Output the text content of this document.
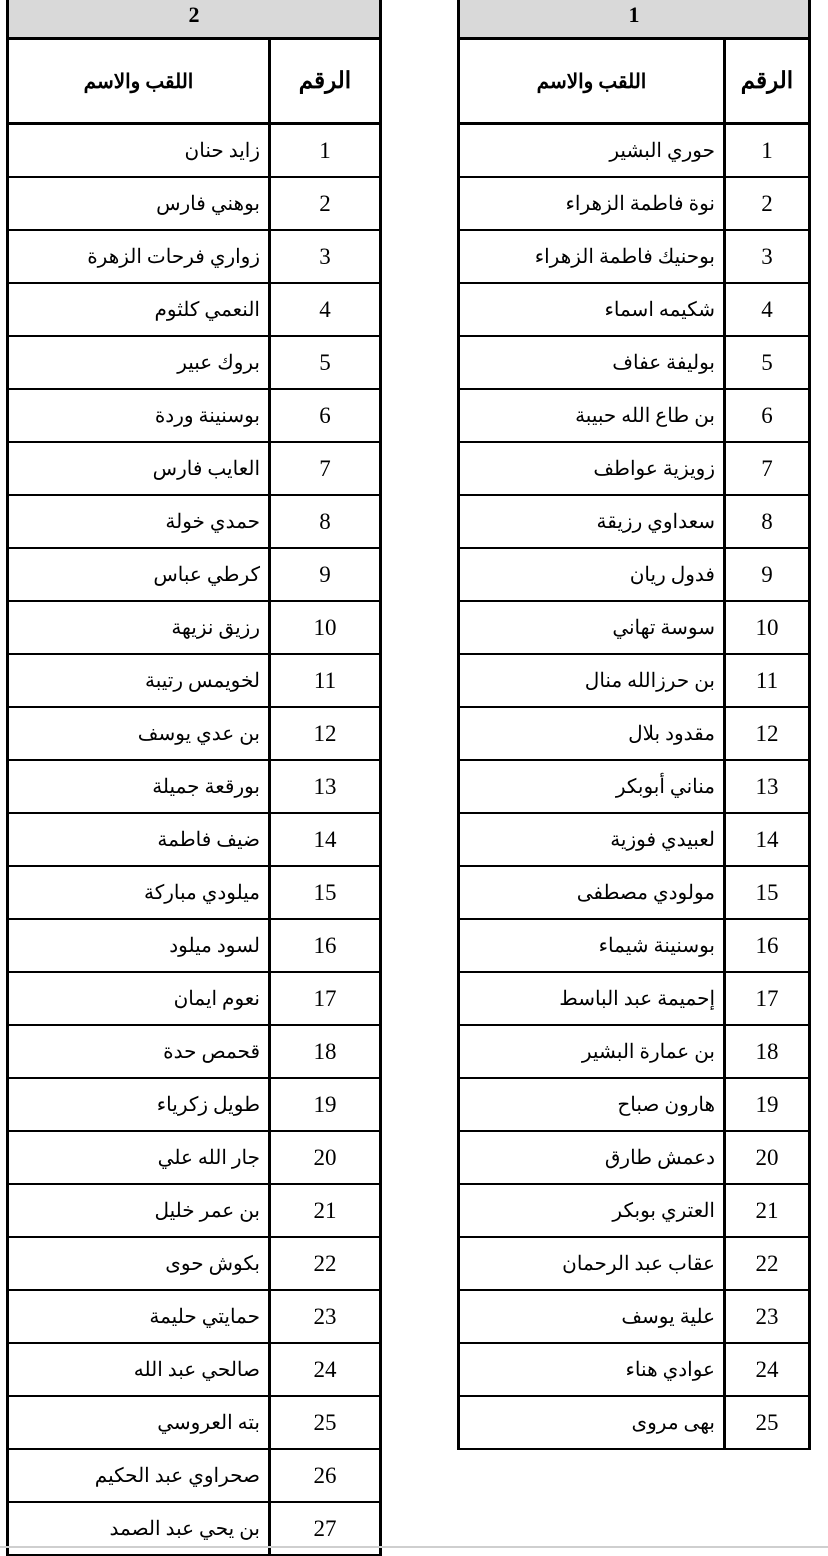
2
الرقم	اللقب والاسم
1	زايد حنان
2	بوهني فارس
3	زواري فرحات الزهرة
4	النعمي كلثوم
5	بروك عبير
6	بوسنينة وردة
7	العايب فارس
8	حمدي خولة
9	كرطي عباس
10	رزيق نزيهة
11	لخويمس رتيبة
12	بن عدي يوسف
13	بورقعة جميلة
14	ضيف فاطمة
15	ميلودي مباركة
16	لسود ميلود
17	نعوم ايمان
18	قحمص حدة
19	طويل زكرياء
20	جار الله علي
21	بن عمر خليل
22	بكوش حوى
23	حمايتي حليمة
24	صالحي عبد الله
25	بته العروسي
26	صحراوي عبد الحكيم
27	بن يحي عبد الصمد
1
الرقم	اللقب والاسم
1	حوري البشير
2	نوة فاطمة الزهراء
3	بوحنيك فاطمة الزهراء
4	شكيمه اسماء
5	بوليفة عفاف
6	بن طاع الله حبيبة
7	زويزية عواطف
8	سعداوي رزيقة
9	فدول ريان
10	سوسة تهاني
11	بن حرزالله منال
12	مقدود بلال
13	مناني أبوبكر
14	لعبيدي فوزية
15	مولودي مصطفى
16	بوسنينة شيماء
17	إحميمة عبد الباسط
18	بن عمارة البشير
19	هارون صباح
20	دعمش طارق
21	العتري بوبكر
22	عقاب عبد الرحمان
23	علية يوسف
24	عوادي هناء
25	بهى مروى
